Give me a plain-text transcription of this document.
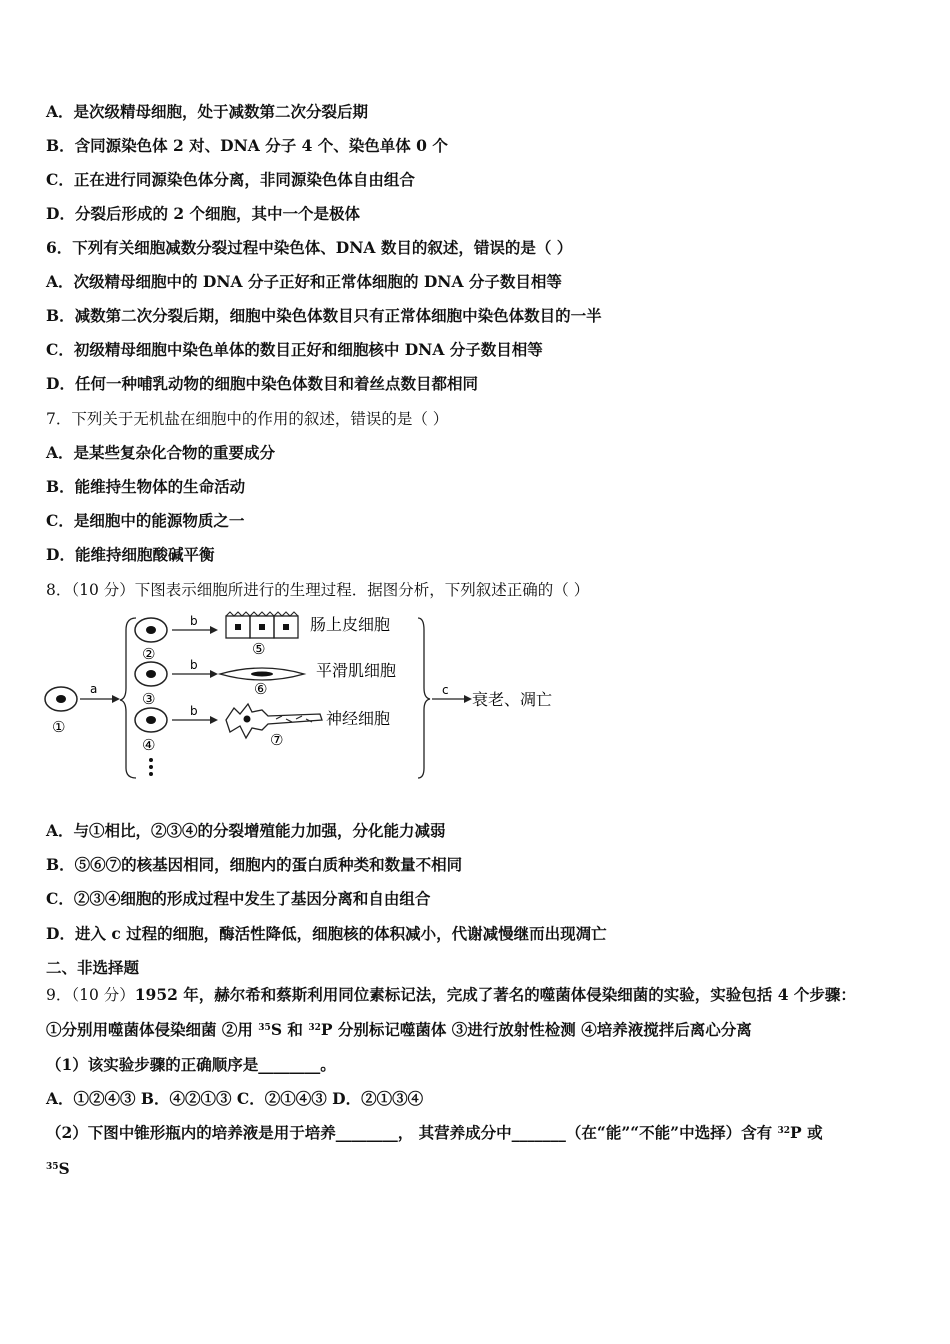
A．是次级精母细胞，处于减数第二次分裂后期
B．含同源染色体 2 对、DNA 分子 4 个、染色单体 0 个
C．正在进行同源染色体分离，非同源染色体自由组合
D．分裂后形成的 2 个细胞，其中一个是极体
6．下列有关细胞减数分裂过程中染色体、DNA 数目的叙述，错误的是（ ）
A．次级精母细胞中的 DNA 分子正好和正常体细胞的 DNA 分子数目相等
B．减数第二次分裂后期，细胞中染色体数目只有正常体细胞中染色体数目的一半
C．初级精母细胞中染色单体的数目正好和细胞核中 DNA 分子数目相等
D．任何一种哺乳动物的细胞中染色体数目和着丝点数目都相同
7．下列关于无机盐在细胞中的作用的叙述，错误的是（ ）
A．是某些复杂化合物的重要成分
B．能维持生物体的生命活动
C．是细胞中的能源物质之一
D．能维持细胞酸碱平衡
8．（10 分）下图表示细胞所进行的生理过程．据图分析，下列叙述正确的（ ）
①
a
②
③
④
b
b
b
⑤
肠上皮细胞
⑥
平滑肌细胞
⑦
神经细胞
c 衰老、凋亡
A．与①相比，②③④的分裂增殖能力加强，分化能力减弱
B．⑤⑥⑦的核基因相同，细胞内的蛋白质种类和数量不相同
C．②③④细胞的形成过程中发生了基因分离和自由组合
D．进入 c 过程的细胞，酶活性降低，细胞核的体积减小，代谢减慢继而出现凋亡
二、非选择题
9．（10 分）1952 年，赫尔希和蔡斯利用同位素标记法，完成了著名的噬菌体侵染细菌的实验，实验包括 4 个步骤：
①分别用噬菌体侵染细菌 ②用 $^{35}$S 和 $^{32}$P 分别标记噬菌体 ③进行放射性检测 ④培养液搅拌后离心分离
（1）该实验步骤的正确顺序是________。
A．①②④③ B．④②①③ C．②①④③ D．②①③④
（2）下图中锥形瓶内的培养液是用于培养________， 其营养成分中_______（在“能”“不能”中选择）含有 $^{32}$P 或
$^{35}$S
